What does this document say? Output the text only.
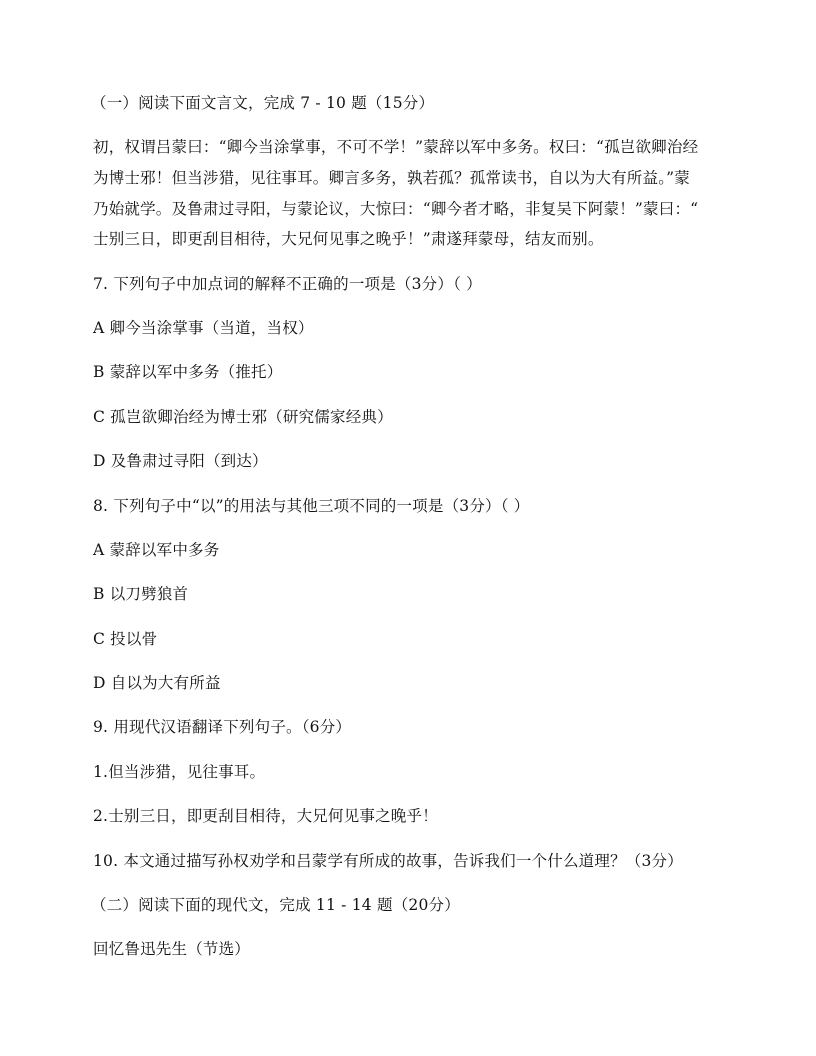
（一）阅读下面文言文，完成 7 - 10 题（15分）
初，权谓吕蒙曰：“卿今当涂掌事，不可不学！”蒙辞以军中多务。权曰：“孤岂欲卿治经
为博士邪！但当涉猎，见往事耳。卿言多务，孰若孤？孤常读书，自以为大有所益。”蒙
乃始就学。及鲁肃过寻阳，与蒙论议，大惊曰：“卿今者才略，非复吴下阿蒙！”蒙曰：“
士别三日，即更刮目相待，大兄何见事之晚乎！”肃遂拜蒙母，结友而别。
7. 下列句子中加点词的解释不正确的一项是（3分）（ ）
A 卿今当涂掌事（当道，当权）
B 蒙辞以军中多务（推托）
C 孤岂欲卿治经为博士邪（研究儒家经典）
D 及鲁肃过寻阳（到达）
8. 下列句子中“以”的用法与其他三项不同的一项是（3分）（ ）
A 蒙辞以军中多务
B 以刀劈狼首
C 投以骨
D 自以为大有所益
9. 用现代汉语翻译下列句子。（6分）
1.但当涉猎，见往事耳。
2.士别三日，即更刮目相待，大兄何见事之晚乎！
10. 本文通过描写孙权劝学和吕蒙学有所成的故事，告诉我们一个什么道理？（3分）
（二）阅读下面的现代文，完成 11 - 14 题（20分）
回忆鲁迅先生（节选）
